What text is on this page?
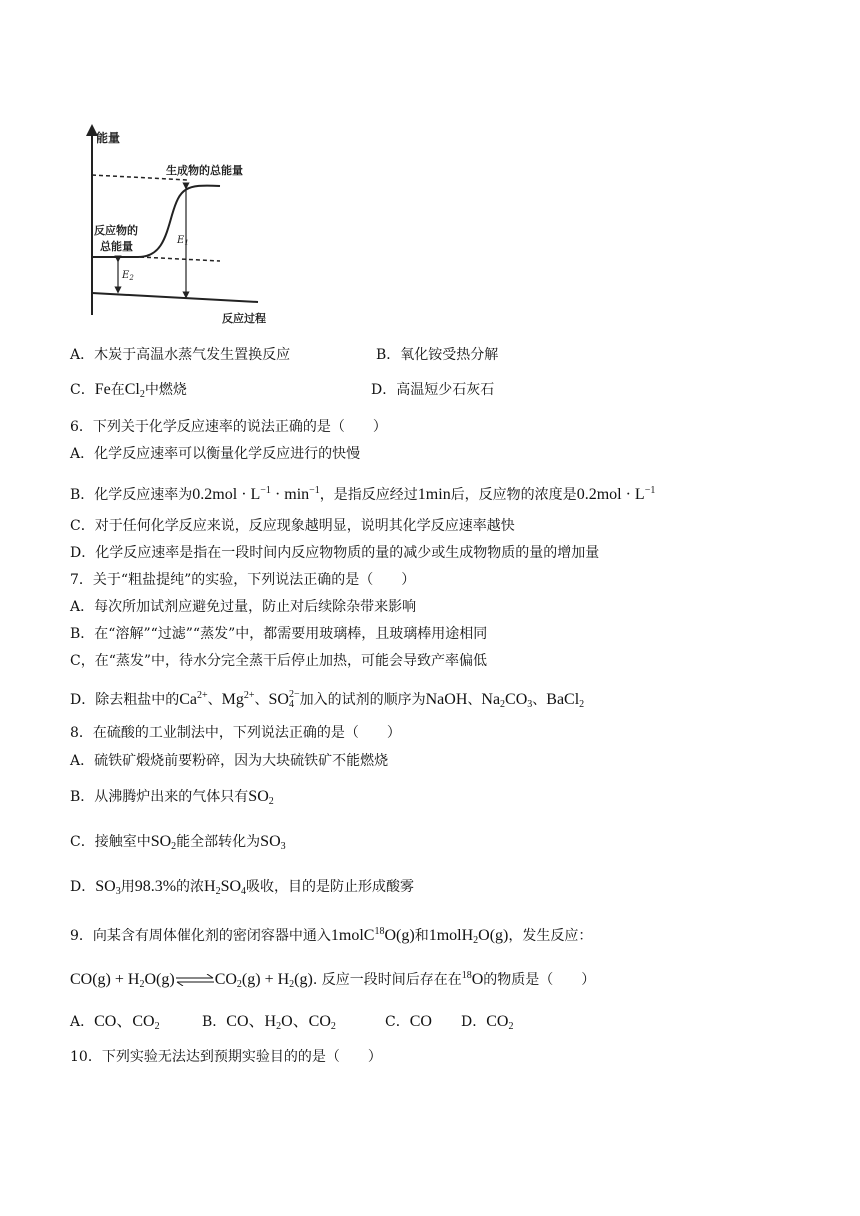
能量
反应过程
生成物的总能量
反应物的
总能量	$E_1$
$E_2$
A．木炭于高温水蒸气发生置换反应	B．氧化铵受热分解
C．Fe在$Cl_2$中燃烧	D．高温短少石灰石
6．下列关于化学反应速率的说法正确的是（　　）
A．化学反应速率可以衡量化学反应进行的快慢
B．化学反应速率为$0.2mol \cdot L^{-1} \cdot \min^{-1}$，是指反应经过1min后，反应物的浓度是$0.2mol \cdot L^{-1}$
C．对于任何化学反应来说，反应现象越明显，说明其化学反应速率越快
D．化学反应速率是指在一段时间内反应物物质的量的减少或生成物物质的量的增加量
7．关于“粗盐提纯”的实验，下列说法正确的是（　　）
A．每次所加试剂应避免过量，防止对后续除杂带来影响
B．在“溶解”“过滤”“蒸发”中，都需要用玻璃棒，且玻璃棒用途相同
C，在“蒸发”中，待水分完全蒸干后停止加热，可能会导致产率偏低
D．除去粗盐中的$Ca^{2+}$、$Mg^{2+}$、SO 2−
4 加入的试剂的顺序为NaOH、$Na_2CO_3$、BaCl$_2$
8．在硫酸的工业制法中，下列说法正确的是（　　）
A．硫铁矿煅烧前要粉碎，因为大块硫铁矿不能燃烧
B．从沸腾炉出来的气体只有$SO_2$
C．接触室中$SO_2$能全部转化为$SO_3$
D．$SO_3$用98.3%的浓$H_2SO_4$吸收，目的是防止形成酸雾
9．向某含有周体催化剂的密闭容器中通入1molC$^{18}$O(g)和1molH$_2$O(g)，发生反应：
$CO(g) + H_2O(g)\rightleftharpoons CO_2(g) + H_2(g)$. 反应一段时间后存在在$^{18}$O的物质是（　　）
A．CO、$CO_2$	B．CO、$H_2O$、$CO_2$	C．CO D．$CO_2$
10．下列实验无法达到预期实验目的的是（　　）
